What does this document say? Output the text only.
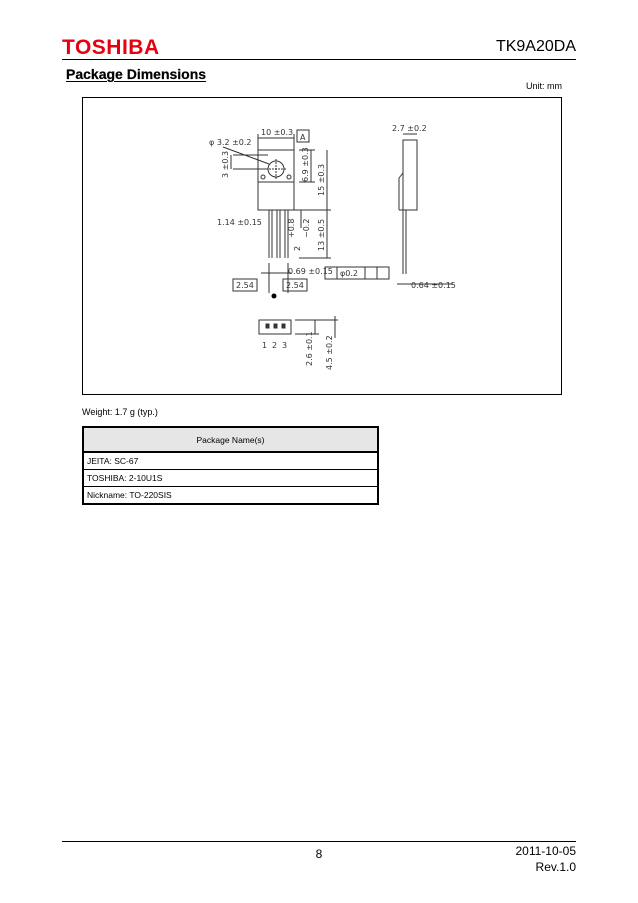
TOSHIBA	TK9A20DA
Package Dimensions
Unit: mm
10 ±0.3
A
φ 3.2 ±0.2
3 ±0.3	6.9 ±0.3 15 ±0.3
2.7 ±0.2
1.14 ±0.15
2
+0.8 −0.2 13 ±0.5
0.69 ±0.15 φ0.2
2.54	2.54	0.64 ±0.15
1 2 3 2.6 ±0.1 4.5 ±0.2
Weight: 1.7 g (typ.)
Package Name(s)
JEITA: SC-67
TOSHIBA: 2-10U1S
Nickname: TO-220SIS
8	2011-10-05
Rev.1.0
